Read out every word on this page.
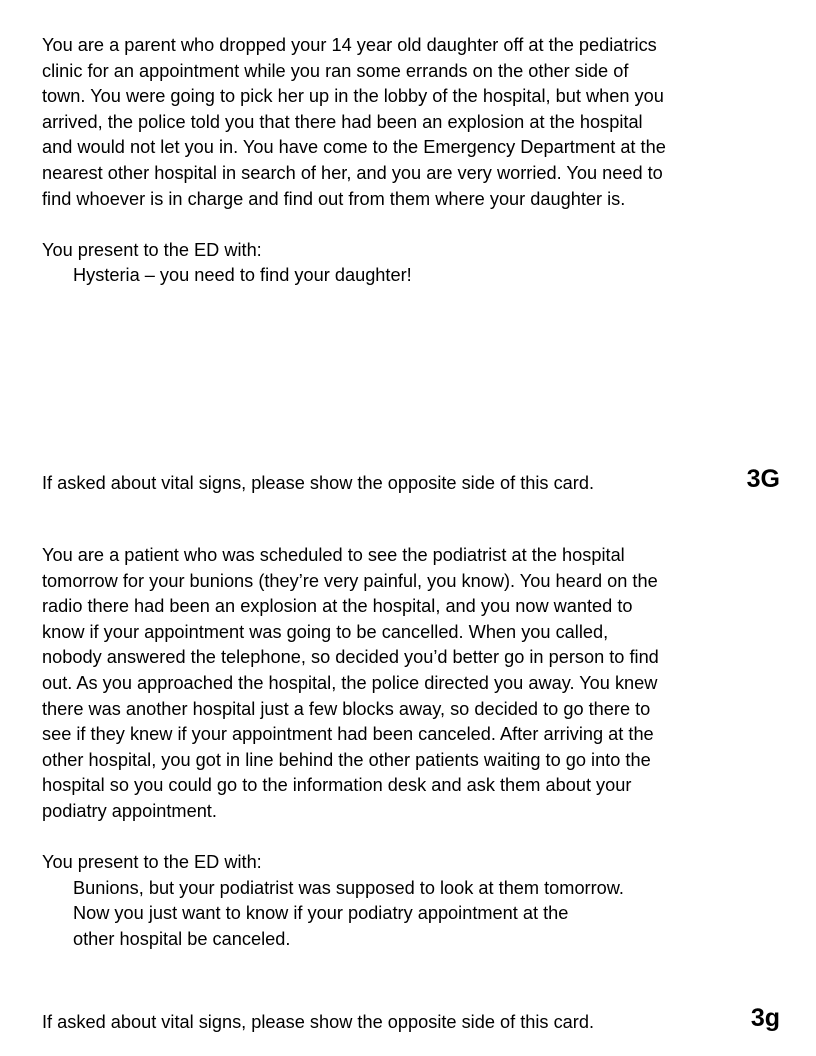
You are a parent who dropped your 14 year old daughter off at the pediatrics
clinic for an appointment while you ran some errands on the other side of
town. You were going to pick her up in the lobby of the hospital, but when you
arrived, the police told you that there had been an explosion at the hospital
and would not let you in. You have come to the Emergency Department at the
nearest other hospital in search of her, and you are very worried. You need to
find whoever is in charge and find out from them where your daughter is.

You present to the ED with:

Hysteria – you need to find your daughter!

If asked about vital signs, please show the opposite side of this card.	3G

You are a patient who was scheduled to see the podiatrist at the hospital
tomorrow for your bunions (they’re very painful, you know). You heard on the
radio there had been an explosion at the hospital, and you now wanted to
know if your appointment was going to be cancelled. When you called,
nobody answered the telephone, so decided you’d better go in person to find
out. As you approached the hospital, the police directed you away. You knew
there was another hospital just a few blocks away, so decided to go there to
see if they knew if your appointment had been canceled. After arriving at the
other hospital, you got in line behind the other patients waiting to go into the
hospital so you could go to the information desk and ask them about your
podiatry appointment.

You present to the ED with:

Bunions, but your podiatrist was supposed to look at them tomorrow.
Now you just want to know if your podiatry appointment at the
other hospital be canceled.

If asked about vital signs, please show the opposite side of this card.	3g
